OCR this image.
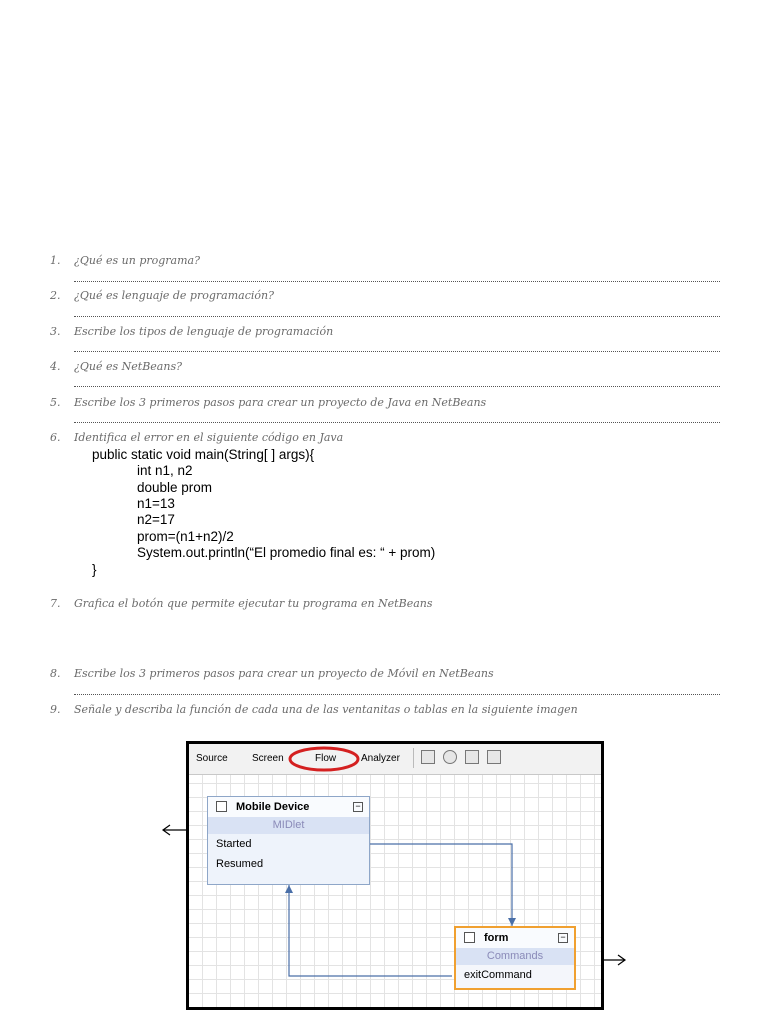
1. ¿Qué es un programa?
2. ¿Qué es lenguaje de programación?
3. Escribe los tipos de lenguaje de programación
4. ¿Qué es NetBeans?
5. Escribe los 3 primeros pasos para crear un proyecto de Java en NetBeans
6. Identifica el error en el siguiente código en Java
public static void main(String[ ] args){
int n1, n2
double prom
n1=13
n2=17
prom=(n1+n2)/2
System.out.println(“El promedio final es: “ + prom)
}
7. Grafica el botón que permite ejecutar tu programa en NetBeans
8. Escribe los 3 primeros pasos para crear un proyecto de Móvil en NetBeans
9. Señale y describa la función de cada una de las ventanitas o tablas en la siguiente imagen
Source Screen	Flow Analyzer
Mobile Device	−
MIDlet
Started
Resumed
form	−
Commands
exitCommand
